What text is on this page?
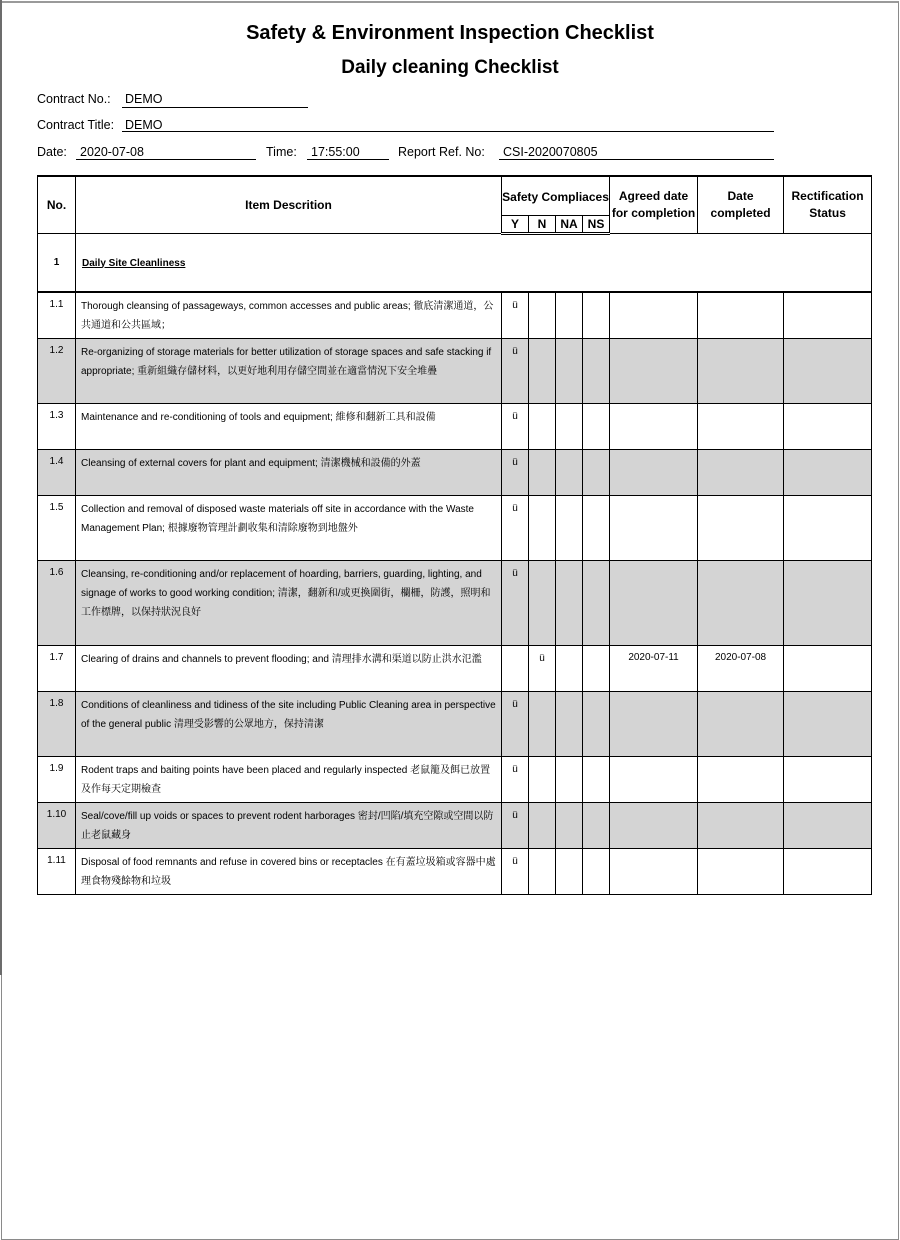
Safety & Environment Inspection Checklist
Daily cleaning Checklist
Contract No.: DEMO
Contract Title: DEMO
Date: 2020-07-08	Time: 17:55:00	Report Ref. No: CSI-2020070805
No.	Item Descrition	Safety Compliaces				Agreed date for completion	Date completed	Rectification Status
		Y	N	NA	NS			
1	Daily Site Cleanliness							
1.1	Thorough cleansing of passageways, common accesses and public areas; 徹底清潔通道，公共通道和公共區域；	ü						
1.2	Re-organizing of storage materials for better utilization of storage spaces and safe stacking if appropriate; 重新組織存儲材料，以更好地利用存儲空間並在適當情況下安全堆疊	ü						
1.3	Maintenance and re-conditioning of tools and equipment; 維修和翻新工具和設備	ü						
1.4	Cleansing of external covers for plant and equipment; 清潔機械和設備的外蓋	ü						
1.5	Collection and removal of disposed waste materials off site in accordance with the Waste Management Plan; 根據廢物管理計劃收集和清除廢物到地盤外	ü						
1.6	Cleansing, re-conditioning and/or replacement of hoarding, barriers, guarding, lighting, and signage of works to good working condition; 清潔，翻新和/或更換圍街，欄柵，防護，照明和工作標牌，以保持狀況良好	ü						
1.7	Clearing of drains and channels to prevent flooding; and 清理排水溝和渠道以防止洪水氾濫		ü			2020-07-11	2020-07-08	
1.8	Conditions of cleanliness and tidiness of the site including Public Cleaning area in perspective of the general public 清理受影響的公眾地方，保持清潔	ü						
1.9	Rodent traps and baiting points have been placed and regularly inspected 老鼠籠及餌已放置及作每天定期檢查	ü						
1.10	Seal/cove/fill up voids or spaces to prevent rodent harborages 密封/凹陷/填充空隙或空間以防止老鼠藏身	ü						
1.11	Disposal of food remnants and refuse in covered bins or receptacles 在有蓋垃圾箱或容器中處理食物殘餘物和垃圾	ü						
